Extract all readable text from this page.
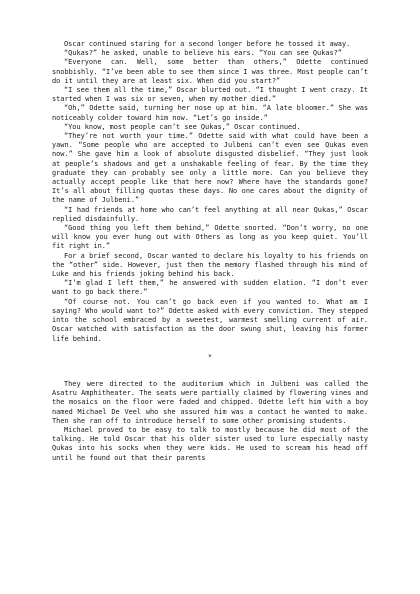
Oscar continued staring for a second longer before he tossed it away.

“Qukas?” he asked, unable to believe his ears. “You can see Qukas?”

“Everyone can. Well, some better than others,” Odette continued snobbishly. “I’ve been able to see them since I was three. Most people can’t do it until they are at least six. When did you start?”

“I see them all the time,” Oscar blurted out. “I thought I went crazy. It started when I was six or seven, when my mother died.”

“Oh,” Odette said, turning her nose up at him. “A late bloomer.” She was noticeably colder toward him now. “Let’s go inside.”

“You know, most people can’t see Qukas,” Oscar continued.

“They’re not worth your time.” Odette said with what could have been a yawn. “Some people who are accepted to Julbeni can’t even see Qukas even now.” She gave him a look of absolute disgusted disbelief. “They just look at people’s shadows and get a unshakable feeling of fear. By the time they graduate they can probably see only a little more. Can you believe they actually accept people like that here now? Where have the standards gone? It’s all about filling quotas these days. No one cares about the dignity of the name of Julbeni.”

“I had friends at home who can’t feel anything at all near Qukas,” Oscar replied disdainfully.

“Good thing you left them behind,” Odette snorted. “Don’t worry, no one will know you ever hung out with Others as long as you keep quiet. You’ll fit right in.”

For a brief second, Oscar wanted to declare his loyalty to his friends on the “other” side. However, just then the memory flashed through his mind of Luke and his friends joking behind his back.

“I’m glad I left them,” he answered with sudden elation. “I don’t ever want to go back there.”

“Of course not. You can’t go back even if you wanted to. What am I saying? Who would want to?” Odette asked with every conviction. They stepped into the school embraced by a sweetest, warmest smelling current of air. Oscar watched with satisfaction as the door swung shut, leaving his former life behind.

*

They were directed to the auditorium which in Julbeni was called the Asatru Amphitheater. The seats were partially claimed by flowering vines and the mosaics on the floor were faded and chipped. Odette left him with a boy named Michael De Veel who she assured him was a contact he wanted to make. Then she ran off to introduce herself to some other promising students.

Michael proved to be easy to talk to mostly because he did most of the talking. He told Oscar that his older sister used to lure especially nasty Qukas into his socks when they were kids. He used to scream his head off until he found out that their parents
